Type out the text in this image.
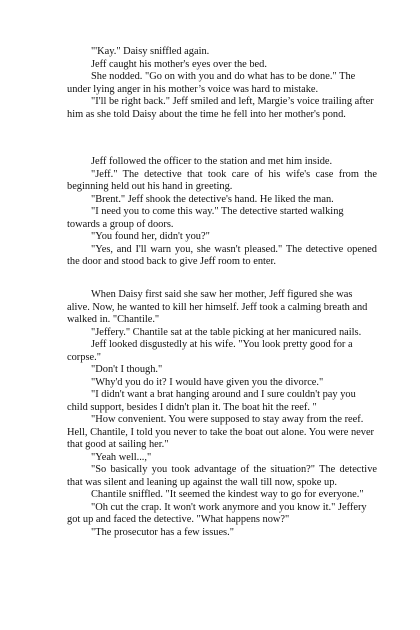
"'Kay." Daisy sniffled again.

Jeff caught his mother's eyes over the bed.

She nodded. "Go on with you and do what has to be done." The under lying anger in his mother’s voice was hard to mistake.

"I'll be right back." Jeff smiled and left, Margie’s voice trailing after him as she told Daisy about the time he fell into her mother's pond.

Jeff followed the officer to the station and met him inside.

"Jeff." The detective that took care of his wife's case from the beginning held out his hand in greeting.

"Brent." Jeff shook the detective's hand. He liked the man.

"I need you to come this way." The detective started walking towards a group of doors.

"You found her, didn't you?"

"Yes, and I'll warn you, she wasn't pleased." The detective opened the door and stood back to give Jeff room to enter.

When Daisy first said she saw her mother, Jeff figured she was alive. Now, he wanted to kill her himself. Jeff took a calming breath and walked in. "Chantile."

"Jeffery." Chantile sat at the table picking at her manicured nails.

Jeff looked disgustedly at his wife. "You look pretty good for a corpse."

"Don't I though."

"Why'd you do it? I would have given you the divorce."

"I didn't want a brat hanging around and I sure couldn't pay you child support, besides I didn't plan it. The boat hit the reef. "

"How convenient. You were supposed to stay away from the reef. Hell, Chantile, I told you never to take the boat out alone. You were never that good at sailing her."

"Yeah well...,"

"So basically you took advantage of the situation?" The detective that was silent and leaning up against the wall till now, spoke up.

Chantile sniffled. "It seemed the kindest way to go for everyone."

"Oh cut the crap. It won't work anymore and you know it." Jeffery got up and faced the detective. "What happens now?"

"The prosecutor has a few issues."
